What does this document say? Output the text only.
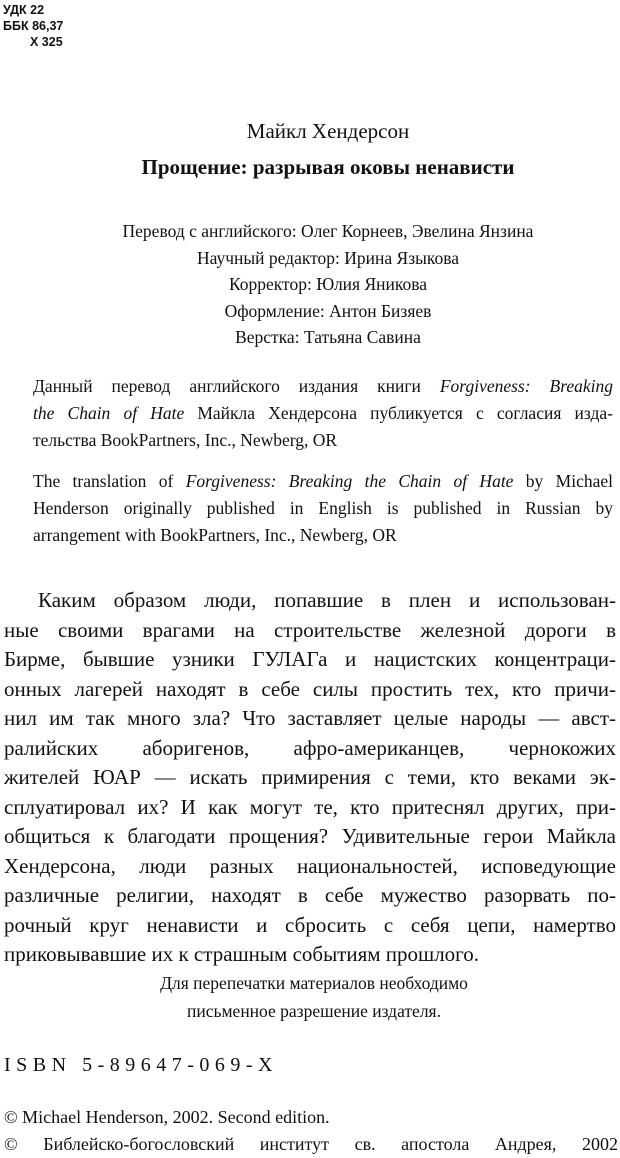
УДК 22
ББК 86,37
X 325
Майкл Хендерсон
Прощение: разрывая оковы ненависти
Перевод с английского: Олег Корнеев, Эвелина Янзина
Научный редактор: Ирина Языкова
Корректор: Юлия Яникова
Оформление: Антон Бизяев
Верстка: Татьяна Савина
Данный перевод английского издания книги Forgiveness: Breaking
the Chain of Hate Майкла Хендерсона публикуется с согласия изда-
тельства BookPartners, Inc., Newberg, OR
The translation of Forgiveness: Breaking the Chain of Hate by Michael
Henderson originally published in English is published in Russian by
arrangement with BookPartners, Inc., Newberg, OR
Каким образом люди, попавшие в плен и использован-
ные своими врагами на строительстве железной дороги в
Бирме, бывшие узники ГУЛАГа и нацистских концентраци-
онных лагерей находят в себе силы простить тех, кто причи-
нил им так много зла? Что заставляет целые народы — авст-
ралийских аборигенов, афро-американцев, чернокожих
жителей ЮАР — искать примирения с теми, кто веками эк-
сплуатировал их? И как могут те, кто притеснял других, при-
общиться к благодати прощения? Удивительные герои Майкла
Хендерсона, люди разных национальностей, исповедующие
различные религии, находят в себе мужество разорвать по-
рочный круг ненависти и сбросить с себя цепи, намертво
приковывавшие их к страшным событиям прошлого.
Для перепечатки материалов необходимо
письменное разрешение издателя.
ISBN 5-89647-069-X
© Michael Henderson, 2002. Second edition.
© Библейско-богословский институт св. апостола Андрея, 2002
